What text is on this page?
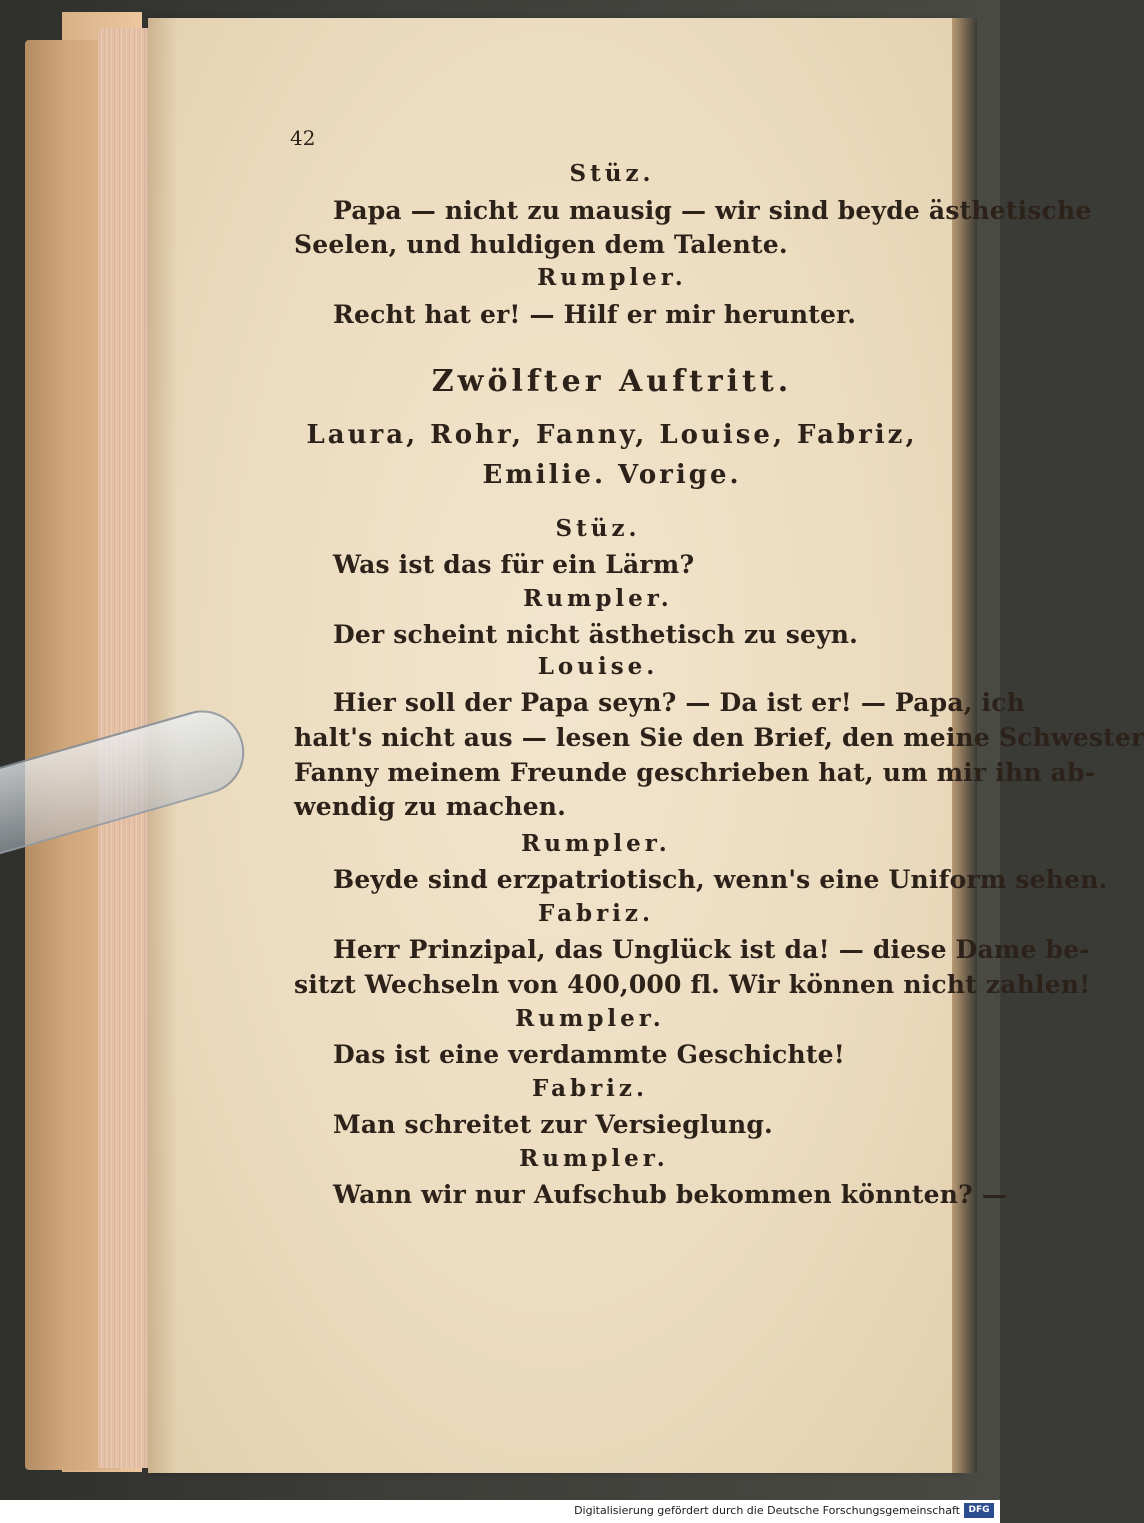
42
Stüz.
Papa — nicht zu mausig — wir sind beyde ästhetische
Seelen, und huldigen dem Talente.
Rumpler.
Recht hat er! — Hilf er mir herunter.
Zwölfter Auftritt.
Laura, Rohr, Fanny, Louise, Fabriz,
Emilie. Vorige.
Stüz.
Was ist das für ein Lärm?
Rumpler.
Der scheint nicht ästhetisch zu seyn.
Louise.
Hier soll der Papa seyn? — Da ist er! — Papa, ich
halt's nicht aus — lesen Sie den Brief, den meine Schwester
Fanny meinem Freunde geschrieben hat, um mir ihn ab-
wendig zu machen.
Rumpler.
Beyde sind erzpatriotisch, wenn's eine Uniform sehen.
Fabriz.
Herr Prinzipal, das Unglück ist da! — diese Dame be-
sitzt Wechseln von 400,000 fl. Wir können nicht zahlen!
Rumpler.
Das ist eine verdammte Geschichte!
Fabriz.
Man schreitet zur Versieglung.
Rumpler.
Wann wir nur Aufschub bekommen könnten? —
Digitalisierung gefördert durch die Deutsche Forschungsgemeinschaft DFG
